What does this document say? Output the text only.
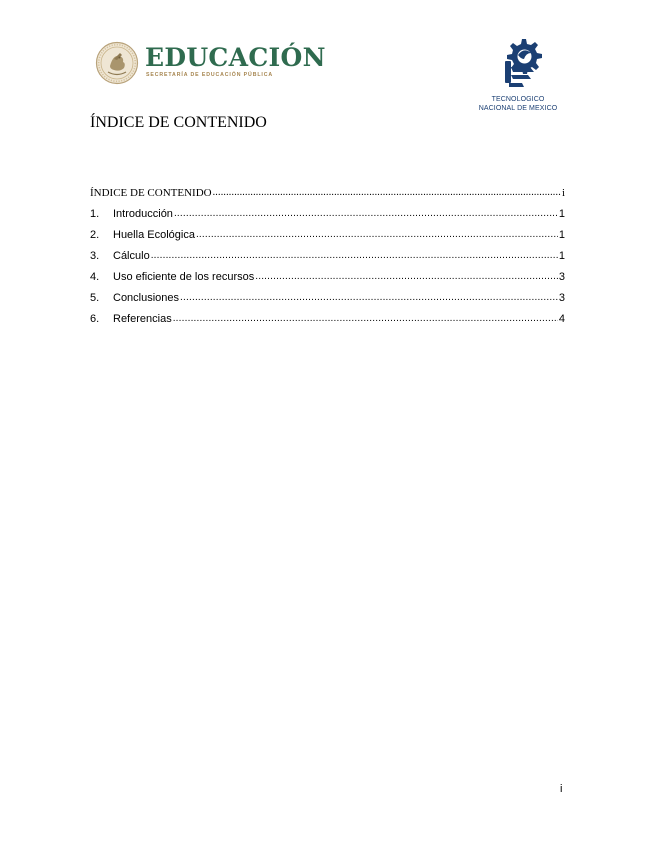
EDUCACIÓN
SECRETARÍA DE EDUCACIÓN PÚBLICA
TECNOLOGICO
NACIONAL DE MEXICO
ÍNDICE DE CONTENIDO
ÍNDICE DE CONTENIDO .....	i
1.	Introducción .....	1
2.	Huella Ecológica .....	1
3.	Cálculo .....	1
4.	Uso eficiente de los recursos .....	3
5.	Conclusiones .....	3
6.	Referencias .....	4
i
